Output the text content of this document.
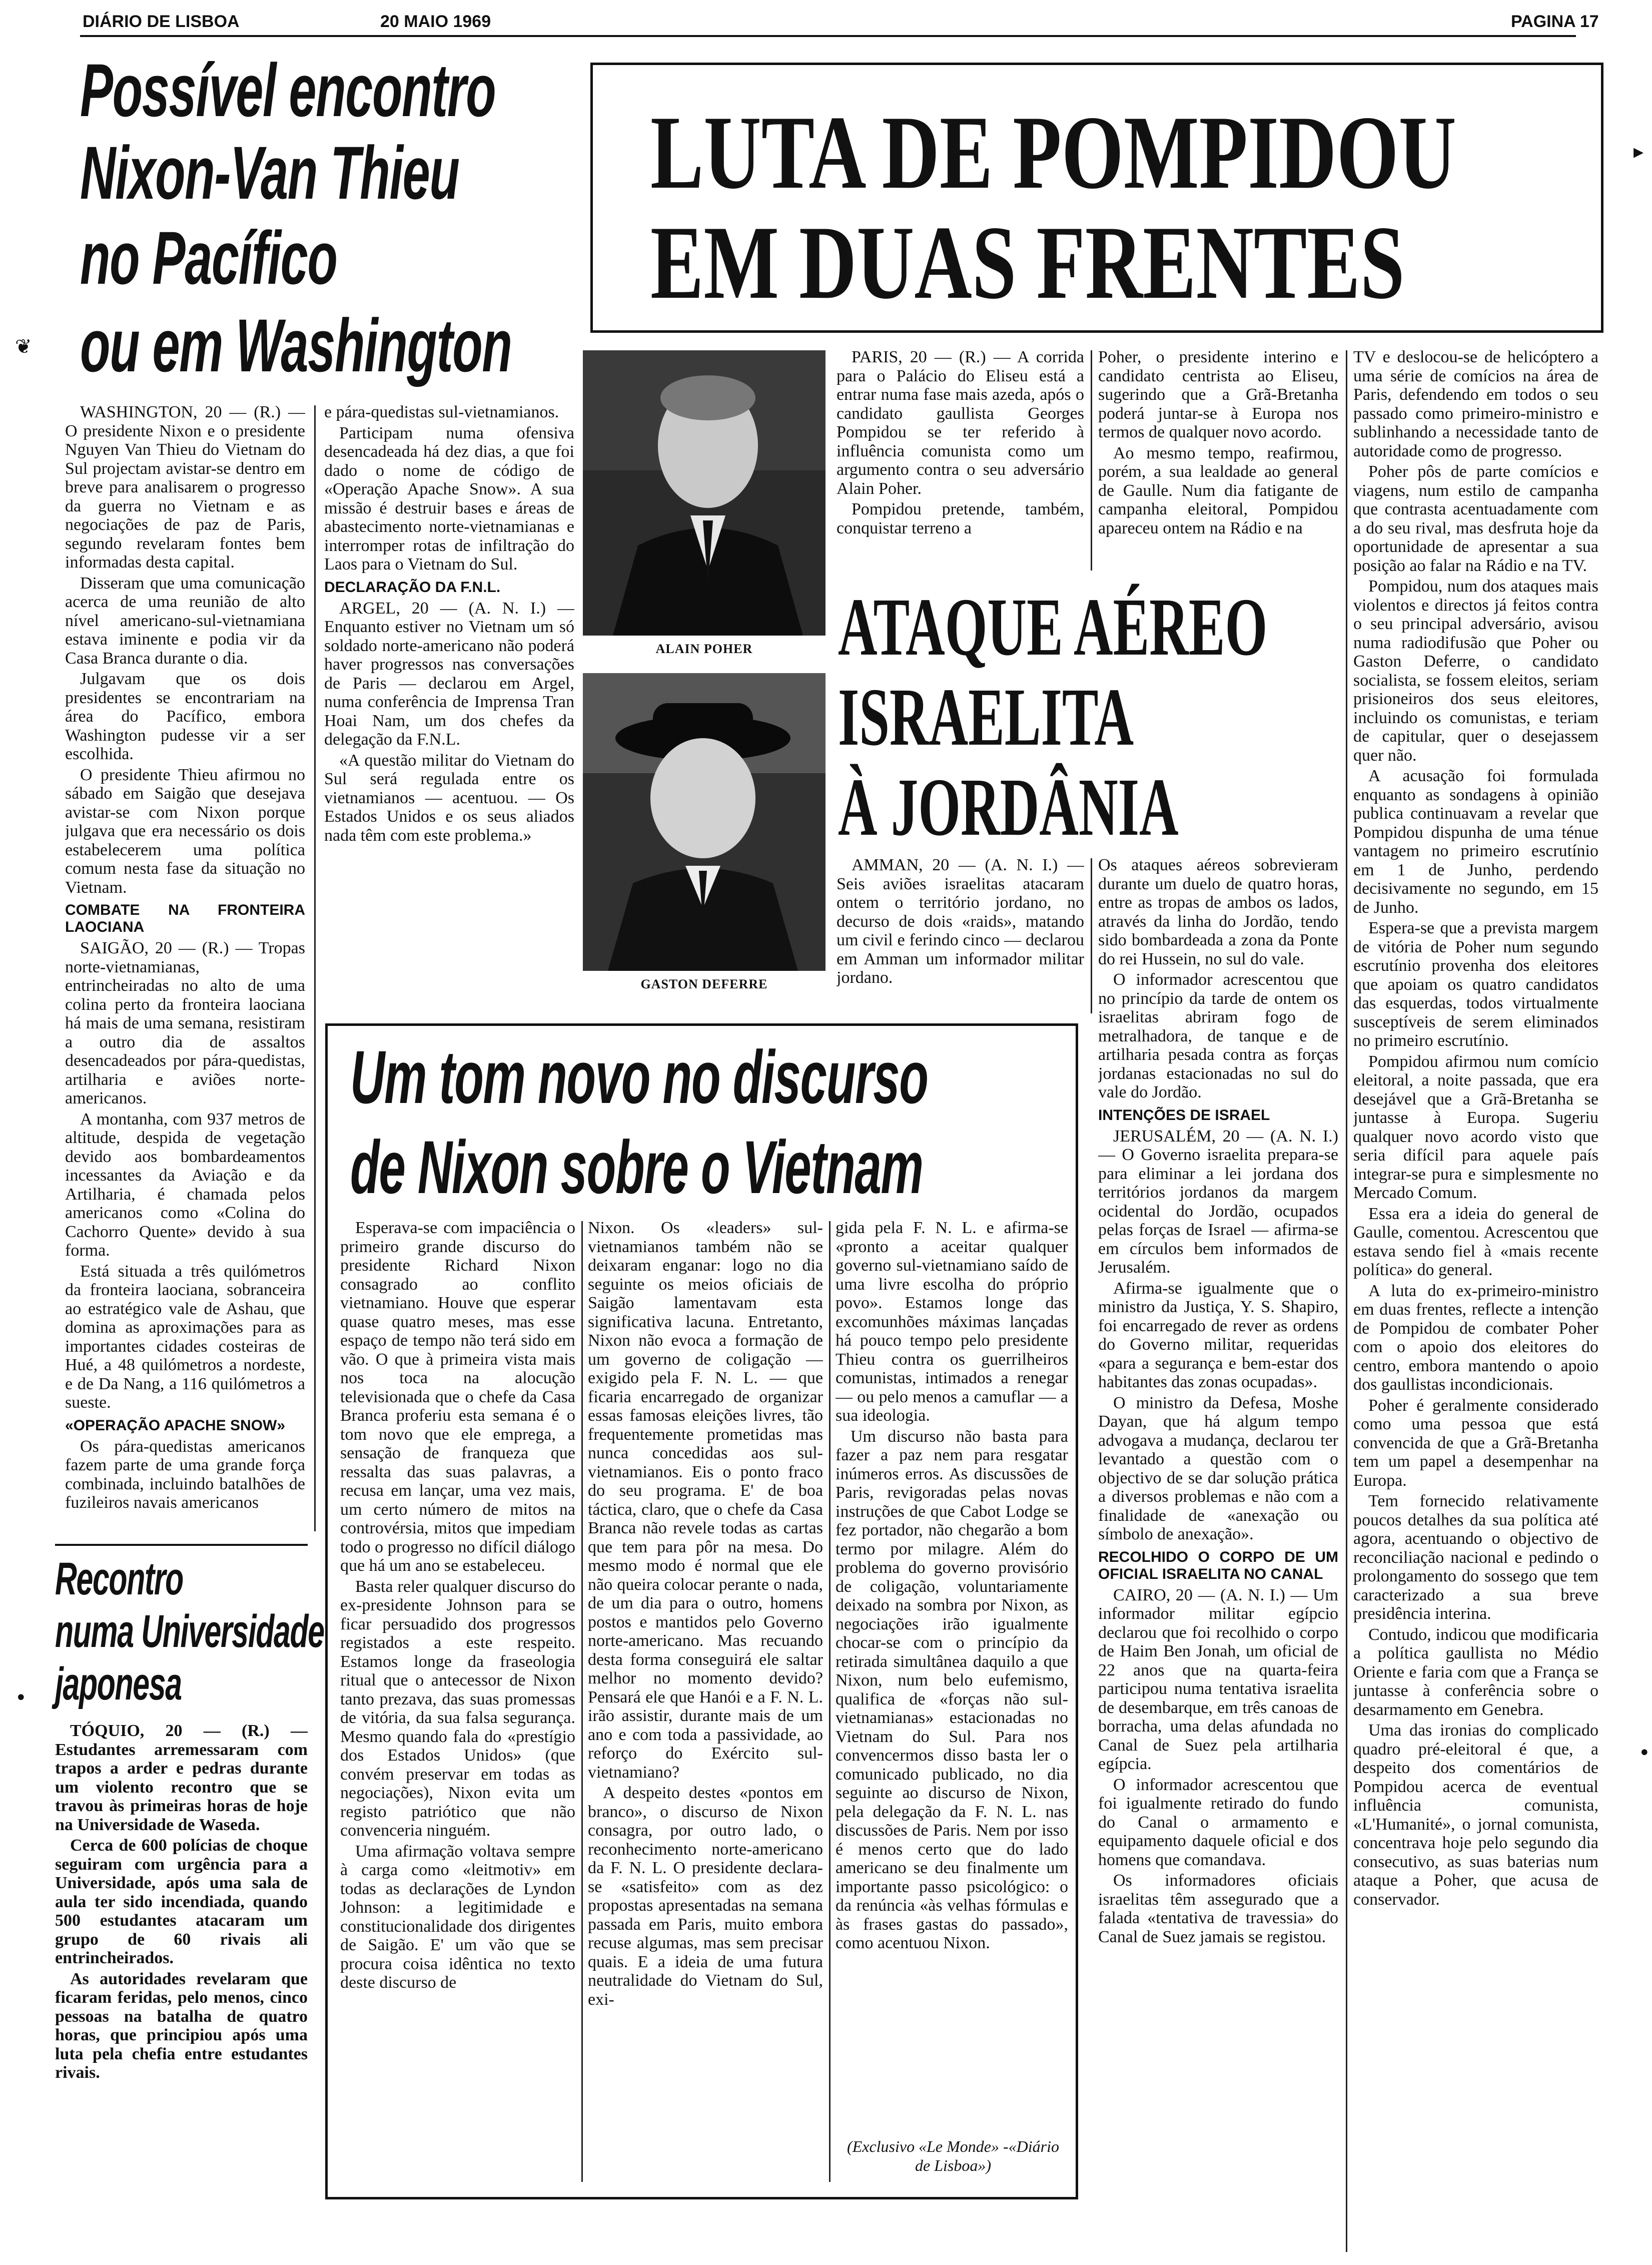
DIÁRIO DE LISBOA	20 MAIO 1969	PAGINA 17
❦
▸
•
•
Possível encontro
Nixon-Van Thieu
no Pacífico
ou em Washington

WASHINGTON, 20 — (R.) — O presidente Nixon e o presidente Nguyen Van Thieu do Vietnam do Sul projectam avistar-se dentro em breve para analisarem o progresso da guerra no Vietnam e as negociações de paz de Paris, segundo revelaram fontes bem informadas desta capital.

Disseram que uma comunicação acerca de uma reunião de alto nível americano-sul-vietnamiana estava iminente e podia vir da Casa Branca durante o dia.

Julgavam que os dois presidentes se encontrariam na área do Pacífico, embora Washington pudesse vir a ser escolhida.

O presidente Thieu afirmou no sábado em Saigão que desejava avistar-se com Nixon porque julgava que era necessário os dois estabelecerem uma política comum nesta fase da situação no Vietnam.

COMBATE NA FRONTEIRA LAOCIANA

SAIGÃO, 20 — (R.) — Tropas norte-vietnamianas, entrincheiradas no alto de uma colina perto da fronteira laociana há mais de uma semana, resistiram a outro dia de assaltos desencadeados por pára-quedistas, artilharia e aviões norte-americanos.

A montanha, com 937 metros de altitude, despida de vegetação devido aos bombardeamentos incessantes da Aviação e da Artilharia, é chamada pelos americanos como «Colina do Cachorro Quente» devido à sua forma.

Está situada a três quilómetros da fronteira laociana, sobranceira ao estratégico vale de Ashau, que domina as aproximações para as importantes cidades costeiras de Hué, a 48 quilómetros a nordeste, e de Da Nang, a 116 quilómetros a sueste.

«OPERAÇÃO APACHE SNOW»

Os pára-quedistas americanos fazem parte de uma grande força combinada, incluindo batalhões de fuzileiros navais americanos

e pára-quedistas sul-vietnamianos.

Participam numa ofensiva desencadeada há dez dias, a que foi dado o nome de código de «Operação Apache Snow». A sua missão é destruir bases e áreas de abastecimento norte-vietnamianas e interromper rotas de infiltração do Laos para o Vietnam do Sul.

DECLARAÇÃO DA F.N.L.

ARGEL, 20 — (A. N. I.) — Enquanto estiver no Vietnam um só soldado norte-americano não poderá haver progressos nas conversações de Paris — declarou em Argel, numa conferência de Imprensa Tran Hoai Nam, um dos chefes da delegação da F.N.L.

«A questão militar do Vietnam do Sul será regulada entre os vietnamianos — acentuou. — Os Estados Unidos e os seus aliados nada têm com este problema.»

ALAIN POHER
GASTON DEFERRE
LUTA DE POMPIDOU
EM DUAS FRENTES

PARIS, 20 — (R.) — A corrida para o Palácio do Eliseu está a entrar numa fase mais azeda, após o candidato gaullista Georges Pompidou se ter referido à influência comunista como um argumento contra o seu adversário Alain Poher.

Pompidou pretende, também, conquistar terreno a

Poher, o presidente interino e candidato centrista ao Eliseu, sugerindo que a Grã-Bretanha poderá juntar-se à Europa nos termos de qualquer novo acordo.

Ao mesmo tempo, reafirmou, porém, a sua lealdade ao general de Gaulle. Num dia fatigante de campanha eleitoral, Pompidou apareceu ontem na Rádio e na

TV e deslocou-se de helicóptero a uma série de comícios na área de Paris, defendendo em todos o seu passado como primeiro-ministro e sublinhando a necessidade tanto de autoridade como de progresso.

Poher pôs de parte comícios e viagens, num estilo de campanha que contrasta acentuadamente com a do seu rival, mas desfruta hoje da oportunidade de apresentar a sua posição ao falar na Rádio e na TV.

Pompidou, num dos ataques mais violentos e directos já feitos contra o seu principal adversário, avisou numa radiodifusão que Poher ou Gaston Deferre, o candidato socialista, se fossem eleitos, seriam prisioneiros dos seus eleitores, incluindo os comunistas, e teriam de capitular, quer o desejassem quer não.

A acusação foi formulada enquanto as sondagens à opinião publica continuavam a revelar que Pompidou dispunha de uma ténue vantagem no primeiro escrutínio em 1 de Junho, perdendo decisivamente no segundo, em 15 de Junho.

Espera-se que a prevista margem de vitória de Poher num segundo escrutínio provenha dos eleitores que apoiam os quatro candidatos das esquerdas, todos virtualmente susceptíveis de serem eliminados no primeiro escrutínio.

Pompidou afirmou num comício eleitoral, a noite passada, que era desejável que a Grã-Bretanha se juntasse à Europa. Sugeriu qualquer novo acordo visto que seria difícil para aquele país integrar-se pura e simplesmente no Mercado Comum.

Essa era a ideia do general de Gaulle, comentou. Acrescentou que estava sendo fiel à «mais recente política» do general.

A luta do ex-primeiro-ministro em duas frentes, reflecte a intenção de Pompidou de combater Poher com o apoio dos eleitores do centro, embora mantendo o apoio dos gaullistas incondicionais.

Poher é geralmente considerado como uma pessoa que está convencida de que a Grã-Bretanha tem um papel a desempenhar na Europa.

Tem fornecido relativamente poucos detalhes da sua política até agora, acentuando o objectivo de reconciliação nacional e pedindo o prolongamento do sossego que tem caracterizado a sua breve presidência interina.

Contudo, indicou que modificaria a política gaullista no Médio Oriente e faria com que a França se juntasse à conferência sobre o desarmamento em Genebra.

Uma das ironias do complicado quadro pré-eleitoral é que, a despeito dos comentários de Pompidou acerca de eventual influência comunista, «L'Humanité», o jornal comunista, concentrava hoje pelo segundo dia consecutivo, as suas baterias num ataque a Poher, que acusa de conservador.

ATAQUE AÉREO
ISRAELITA
À JORDÂNIA

AMMAN, 20 — (A. N. I.) — Seis aviões israelitas atacaram ontem o território jordano, no decurso de dois «raids», matando um civil e ferindo cinco — declarou em Amman um informador militar jordano.

Os ataques aéreos sobrevieram durante um duelo de quatro horas, entre as tropas de ambos os lados, através da linha do Jordão, tendo sido bombardeada a zona da Ponte do rei Hussein, no sul do vale.

O informador acrescentou que no princípio da tarde de ontem os israelitas abriram fogo de metralhadora, de tanque e de artilharia pesada contra as forças jordanas estacionadas no sul do vale do Jordão.

INTENÇÕES DE ISRAEL

JERUSALÉM, 20 — (A. N. I.) — O Governo israelita prepara-se para eliminar a lei jordana dos territórios jordanos da margem ocidental do Jordão, ocupados pelas forças de Israel — afirma-se em círculos bem informados de Jerusalém.

Afirma-se igualmente que o ministro da Justiça, Y. S. Shapiro, foi encarregado de rever as ordens do Governo militar, requeridas «para a segurança e bem-estar dos habitantes das zonas ocupadas».

O ministro da Defesa, Moshe Dayan, que há algum tempo advogava a mudança, declarou ter levantado a questão com o objectivo de se dar solução prática a diversos problemas e não com a finalidade de «anexação ou símbolo de anexação».

RECOLHIDO O CORPO DE UM OFICIAL ISRAELITA NO CANAL

CAIRO, 20 — (A. N. I.) — Um informador militar egípcio declarou que foi recolhido o corpo de Haim Ben Jonah, um oficial de 22 anos que na quarta-feira participou numa tentativa israelita de desembarque, em três canoas de borracha, uma delas afundada no Canal de Suez pela artilharia egípcia.

O informador acrescentou que foi igualmente retirado do fundo do Canal o armamento e equipamento daquele oficial e dos homens que comandava.

Os informadores oficiais israelitas têm assegurado que a falada «tentativa de travessia» do Canal de Suez jamais se registou.

Um tom novo no discurso
de Nixon sobre o Vietnam

Esperava-se com impaciência o primeiro grande discurso do presidente Richard Nixon consagrado ao conflito vietnamiano. Houve que esperar quase quatro meses, mas esse espaço de tempo não terá sido em vão. O que à primeira vista mais nos toca na alocução televisionada que o chefe da Casa Branca proferiu esta semana é o tom novo que ele emprega, a sensação de franqueza que ressalta das suas palavras, a recusa em lançar, uma vez mais, um certo número de mitos na controvérsia, mitos que impediam todo o progresso no difícil diálogo que há um ano se estabeleceu.

Basta reler qualquer discurso do ex-presidente Johnson para se ficar persuadido dos progressos registados a este respeito. Estamos longe da fraseologia ritual que o antecessor de Nixon tanto prezava, das suas promessas de vitória, da sua falsa segurança. Mesmo quando fala do «prestígio dos Estados Unidos» (que convém preservar em todas as negociações), Nixon evita um registo patriótico que não convenceria ninguém.

Uma afirmação voltava sempre à carga como «leitmotiv» em todas as declarações de Lyndon Johnson: a legitimidade e constitucionalidade dos dirigentes de Saigão. E' um vão que se procura coisa idêntica no texto deste discurso de

Nixon. Os «leaders» sul-vietnamianos também não se deixaram enganar: logo no dia seguinte os meios oficiais de Saigão lamentavam esta significativa lacuna. Entretanto, Nixon não evoca a formação de um governo de coligação — exigido pela F. N. L. — que ficaria encarregado de organizar essas famosas eleições livres, tão frequentemente prometidas mas nunca concedidas aos sul-vietnamianos. Eis o ponto fraco do seu programa. E' de boa táctica, claro, que o chefe da Casa Branca não revele todas as cartas que tem para pôr na mesa. Do mesmo modo é normal que ele não queira colocar perante o nada, de um dia para o outro, homens postos e mantidos pelo Governo norte-americano. Mas recuando desta forma conseguirá ele saltar melhor no momento devido? Pensará ele que Hanói e a F. N. L. irão assistir, durante mais de um ano e com toda a passividade, ao reforço do Exército sul-vietnamiano?

A despeito destes «pontos em branco», o discurso de Nixon consagra, por outro lado, o reconhecimento norte-americano da F. N. L. O presidente declara-se «satisfeito» com as dez propostas apresentadas na semana passada em Paris, muito embora recuse algumas, mas sem precisar quais. E a ideia de uma futura neutralidade do Vietnam do Sul, exi-

gida pela F. N. L. e afirma-se «pronto a aceitar qualquer governo sul-vietnamiano saído de uma livre escolha do próprio povo». Estamos longe das excomunhões máximas lançadas há pouco tempo pelo presidente Thieu contra os guerrilheiros comunistas, intimados a renegar — ou pelo menos a camuflar — a sua ideologia.

Um discurso não basta para fazer a paz nem para resgatar inúmeros erros. As discussões de Paris, revigoradas pelas novas instruções de que Cabot Lodge se fez portador, não chegarão a bom termo por milagre. Além do problema do governo provisório de coligação, voluntariamente deixado na sombra por Nixon, as negociações irão igualmente chocar-se com o princípio da retirada simultânea daquilo a que Nixon, num belo eufemismo, qualifica de «forças não sul-vietnamianas» estacionadas no Vietnam do Sul. Para nos convencermos disso basta ler o comunicado publicado, no dia seguinte ao discurso de Nixon, pela delegação da F. N. L. nas discussões de Paris. Nem por isso é menos certo que do lado americano se deu finalmente um importante passo psicológico: o da renúncia «às velhas fórmulas e às frases gastas do passado», como acentuou Nixon.

(Exclusivo «Le Monde» -«Diário de Lisboa»)
Recontro
numa Universidade
japonesa

TÓQUIO, 20 — (R.) — Estudantes arremessaram com trapos a arder e pedras durante um violento recontro que se travou às primeiras horas de hoje na Universidade de Waseda.

Cerca de 600 polícias de choque seguiram com urgência para a Universidade, após uma sala de aula ter sido incendiada, quando 500 estudantes atacaram um grupo de 60 rivais ali entrincheirados.

As autoridades revelaram que ficaram feridas, pelo menos, cinco pessoas na batalha de quatro horas, que principiou após uma luta pela chefia entre estudantes rivais.
